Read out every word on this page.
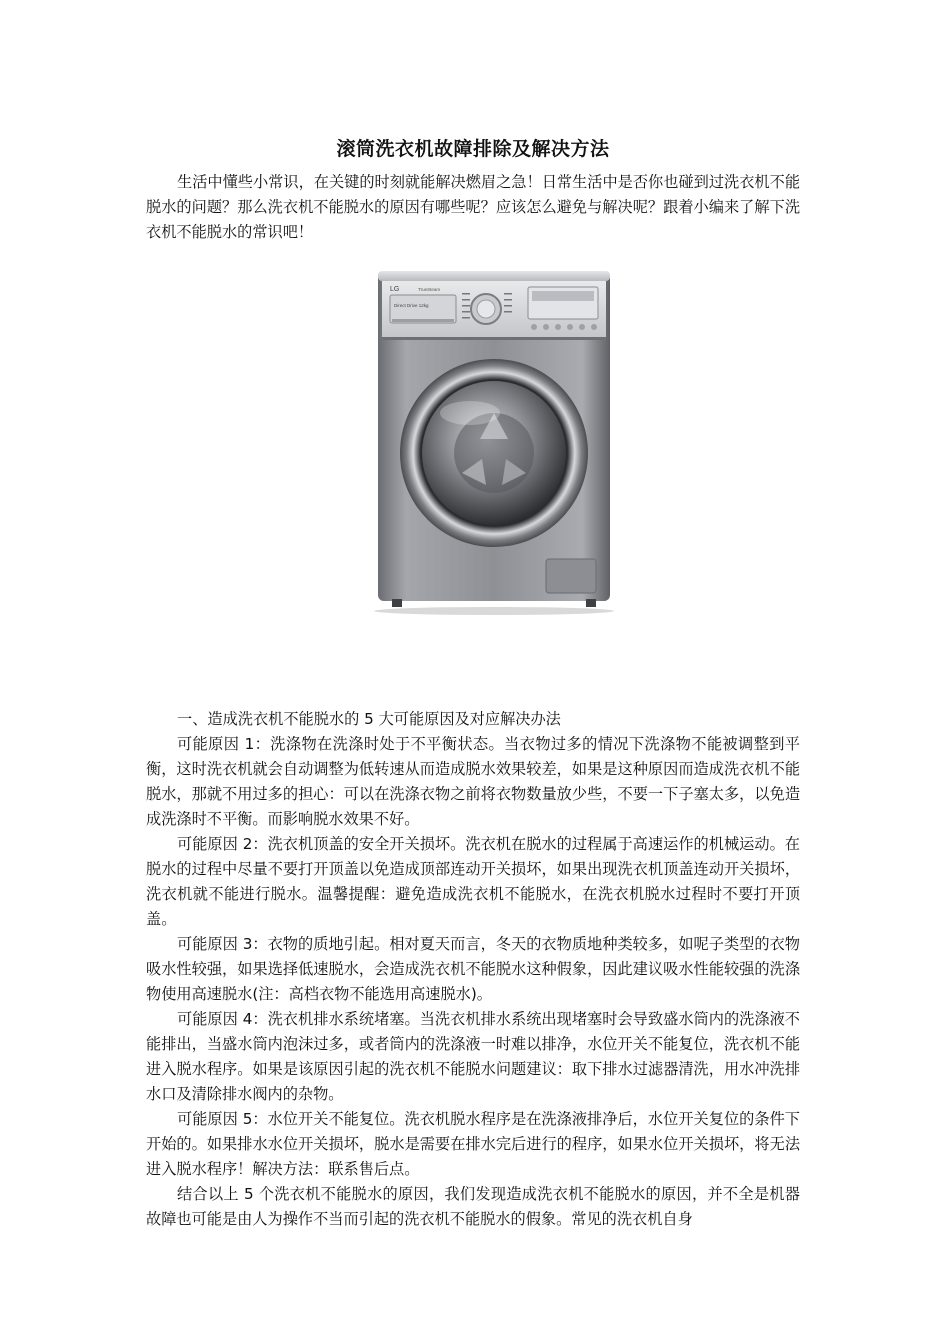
滚筒洗衣机故障排除及解决方法

生活中懂些小常识，在关键的时刻就能解决燃眉之急！日常生活中是否你也碰到过洗衣机不能脱水的问题？那么洗衣机不能脱水的原因有哪些呢？应该怎么避免与解决呢？跟着小编来了解下洗衣机不能脱水的常识吧！

LG	TrueSteam
Direct Drive 12kg

一、造成洗衣机不能脱水的 5 大可能原因及对应解决办法

可能原因 1：洗涤物在洗涤时处于不平衡状态。当衣物过多的情况下洗涤物不能被调整到平衡，这时洗衣机就会自动调整为低转速从而造成脱水效果较差，如果是这种原因而造成洗衣机不能脱水，那就不用过多的担心：可以在洗涤衣物之前将衣物数量放少些，不要一下子塞太多，以免造成洗涤时不平衡。而影响脱水效果不好。

可能原因 2：洗衣机顶盖的安全开关损坏。洗衣机在脱水的过程属于高速运作的机械运动。在脱水的过程中尽量不要打开顶盖以免造成顶部连动开关损坏，如果出现洗衣机顶盖连动开关损坏，洗衣机就不能进行脱水。温馨提醒：避免造成洗衣机不能脱水，在洗衣机脱水过程时不要打开顶盖。

可能原因 3：衣物的质地引起。相对夏天而言，冬天的衣物质地种类较多，如呢子类型的衣物吸水性较强，如果选择低速脱水，会造成洗衣机不能脱水这种假象，因此建议吸水性能较强的洗涤物使用高速脱水(注：高档衣物不能选用高速脱水)。

可能原因 4：洗衣机排水系统堵塞。当洗衣机排水系统出现堵塞时会导致盛水筒内的洗涤液不能排出，当盛水筒内泡沫过多，或者筒内的洗涤液一时难以排净，水位开关不能复位，洗衣机不能进入脱水程序。如果是该原因引起的洗衣机不能脱水问题建议：取下排水过滤器清洗，用水冲洗排水口及清除排水阀内的杂物。

可能原因 5：水位开关不能复位。洗衣机脱水程序是在洗涤液排净后，水位开关复位的条件下开始的。如果排水水位开关损坏，脱水是需要在排水完后进行的程序，如果水位开关损坏，将无法进入脱水程序！解决方法：联系售后点。

结合以上 5 个洗衣机不能脱水的原因，我们发现造成洗衣机不能脱水的原因，并不全是机器故障也可能是由人为操作不当而引起的洗衣机不能脱水的假象。常见的洗衣机自身
